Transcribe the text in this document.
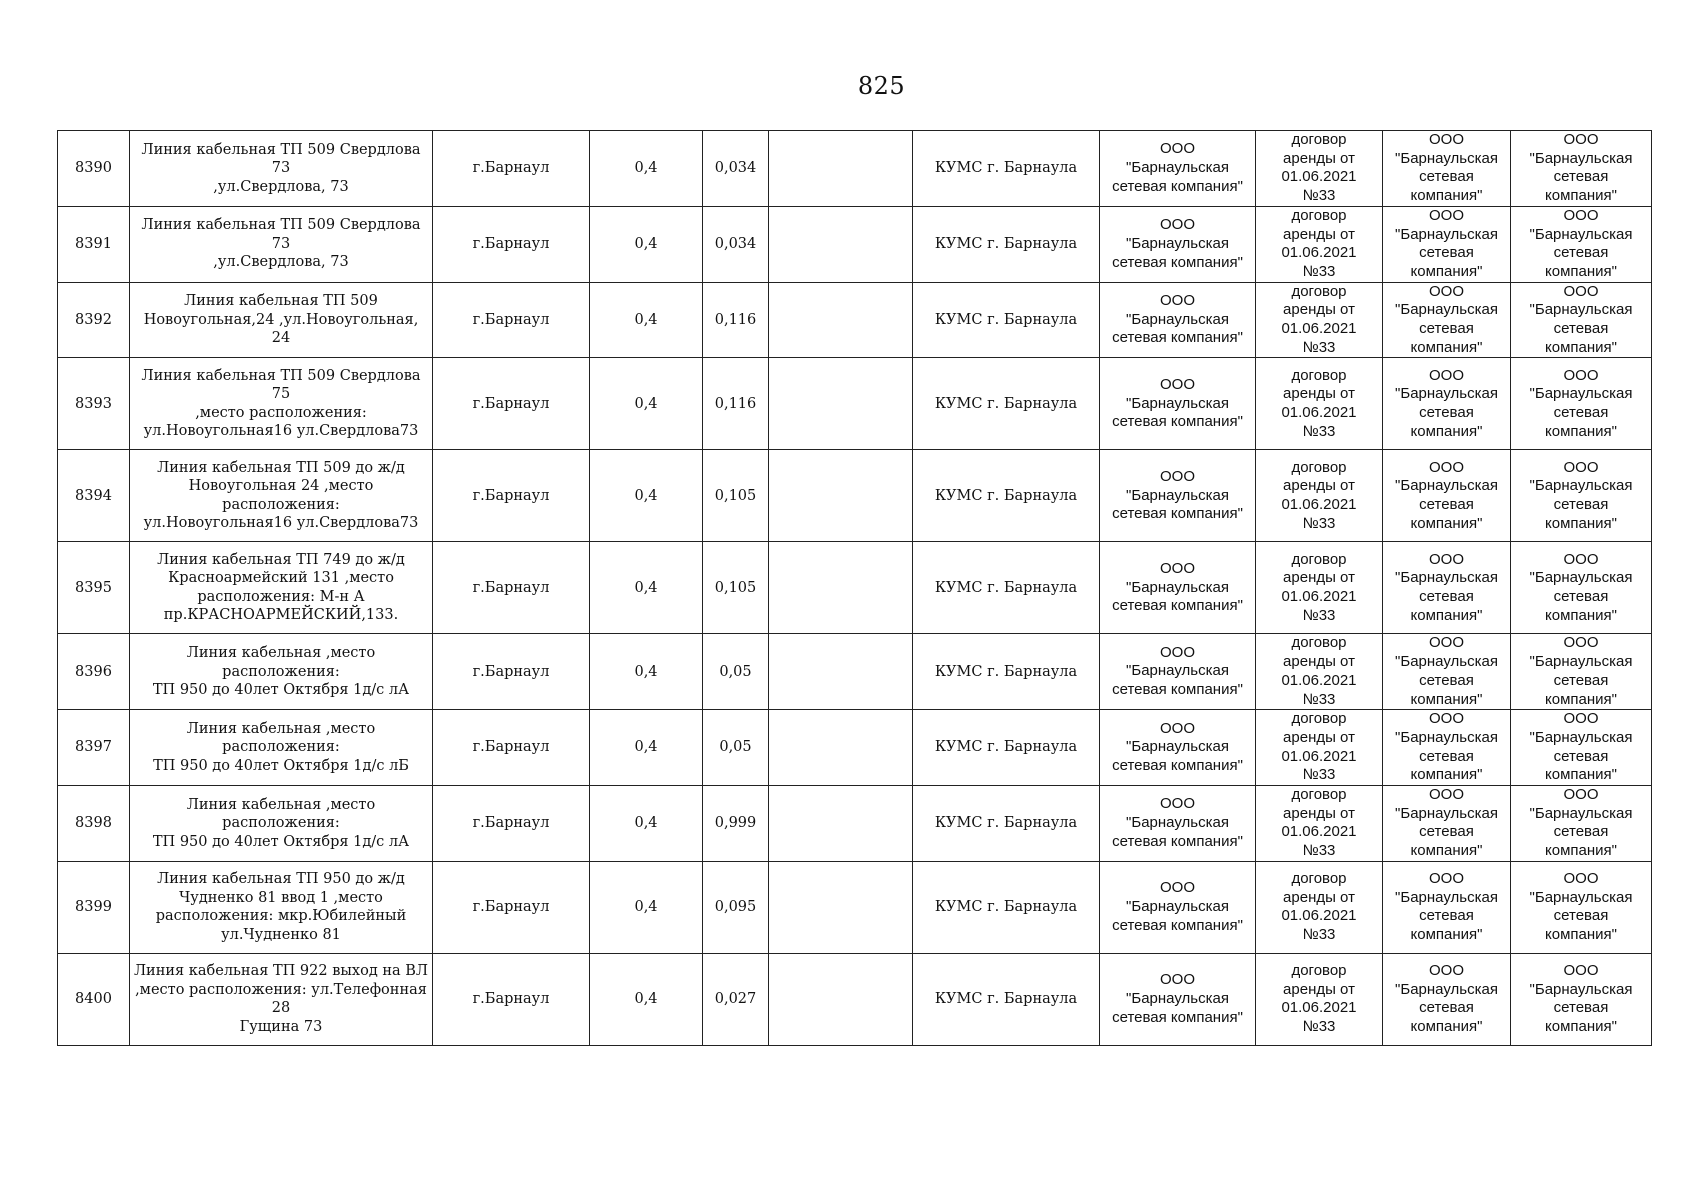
825
8390	Линия кабельная ТП 509 Свердлова 73
,ул.Свердлова, 73	г.Барнаул	0,4	0,034		КУМС г. Барнаула	ООО
"Барнаульская
сетевая компания"	договор
аренды от
01.06.2021
№33	ООО
"Барнаульская
сетевая
компания"	ООО
"Барнаульская
сетевая
компания"
8391	Линия кабельная ТП 509 Свердлова 73
,ул.Свердлова, 73	г.Барнаул	0,4	0,034		КУМС г. Барнаула	ООО
"Барнаульская
сетевая компания"	договор
аренды от
01.06.2021
№33	ООО
"Барнаульская
сетевая
компания"	ООО
"Барнаульская
сетевая
компания"
8392	Линия кабельная ТП 509
Новоугольная,24 ,ул.Новоугольная, 24	г.Барнаул	0,4	0,116		КУМС г. Барнаула	ООО
"Барнаульская
сетевая компания"	договор
аренды от
01.06.2021
№33	ООО
"Барнаульская
сетевая
компания"	ООО
"Барнаульская
сетевая
компания"
8393	Линия кабельная ТП 509 Свердлова 75
,место расположения:
ул.Новоугольная16 ул.Свердлова73	г.Барнаул	0,4	0,116		КУМС г. Барнаула	ООО
"Барнаульская
сетевая компания"	договор
аренды от
01.06.2021
№33	ООО
"Барнаульская
сетевая
компания"	ООО
"Барнаульская
сетевая
компания"
8394	Линия кабельная ТП 509 до ж/д
Новоугольная 24 ,место расположения:
ул.Новоугольная16 ул.Свердлова73	г.Барнаул	0,4	0,105		КУМС г. Барнаула	ООО
"Барнаульская
сетевая компания"	договор
аренды от
01.06.2021
№33	ООО
"Барнаульская
сетевая
компания"	ООО
"Барнаульская
сетевая
компания"
8395	Линия кабельная ТП 749 до ж/д
Красноармейский 131 ,место
расположения: М-н А
пр.КРАСНОАРМЕЙСКИЙ,133.	г.Барнаул	0,4	0,105		КУМС г. Барнаула	ООО
"Барнаульская
сетевая компания"	договор
аренды от
01.06.2021
№33	ООО
"Барнаульская
сетевая
компания"	ООО
"Барнаульская
сетевая
компания"
8396	Линия кабельная ,место расположения:
ТП 950 до 40лет Октября 1д/с лА	г.Барнаул	0,4	0,05		КУМС г. Барнаула	ООО
"Барнаульская
сетевая компания"	договор
аренды от
01.06.2021
№33	ООО
"Барнаульская
сетевая
компания"	ООО
"Барнаульская
сетевая
компания"
8397	Линия кабельная ,место расположения:
ТП 950 до 40лет Октября 1д/с лБ	г.Барнаул	0,4	0,05		КУМС г. Барнаула	ООО
"Барнаульская
сетевая компания"	договор
аренды от
01.06.2021
№33	ООО
"Барнаульская
сетевая
компания"	ООО
"Барнаульская
сетевая
компания"
8398	Линия кабельная ,место расположения:
ТП 950 до 40лет Октября 1д/с лА	г.Барнаул	0,4	0,999		КУМС г. Барнаула	ООО
"Барнаульская
сетевая компания"	договор
аренды от
01.06.2021
№33	ООО
"Барнаульская
сетевая
компания"	ООО
"Барнаульская
сетевая
компания"
8399	Линия кабельная ТП 950 до ж/д
Чудненко 81 ввод 1 ,место
расположения: мкр.Юбилейный
ул.Чудненко 81	г.Барнаул	0,4	0,095		КУМС г. Барнаула	ООО
"Барнаульская
сетевая компания"	договор
аренды от
01.06.2021
№33	ООО
"Барнаульская
сетевая
компания"	ООО
"Барнаульская
сетевая
компания"
8400	Линия кабельная ТП 922 выход на ВЛ
,место расположения: ул.Телефонная 28
Гущина 73	г.Барнаул	0,4	0,027		КУМС г. Барнаула	ООО
"Барнаульская
сетевая компания"	договор
аренды от
01.06.2021
№33	ООО
"Барнаульская
сетевая
компания"	ООО
"Барнаульская
сетевая
компания"
